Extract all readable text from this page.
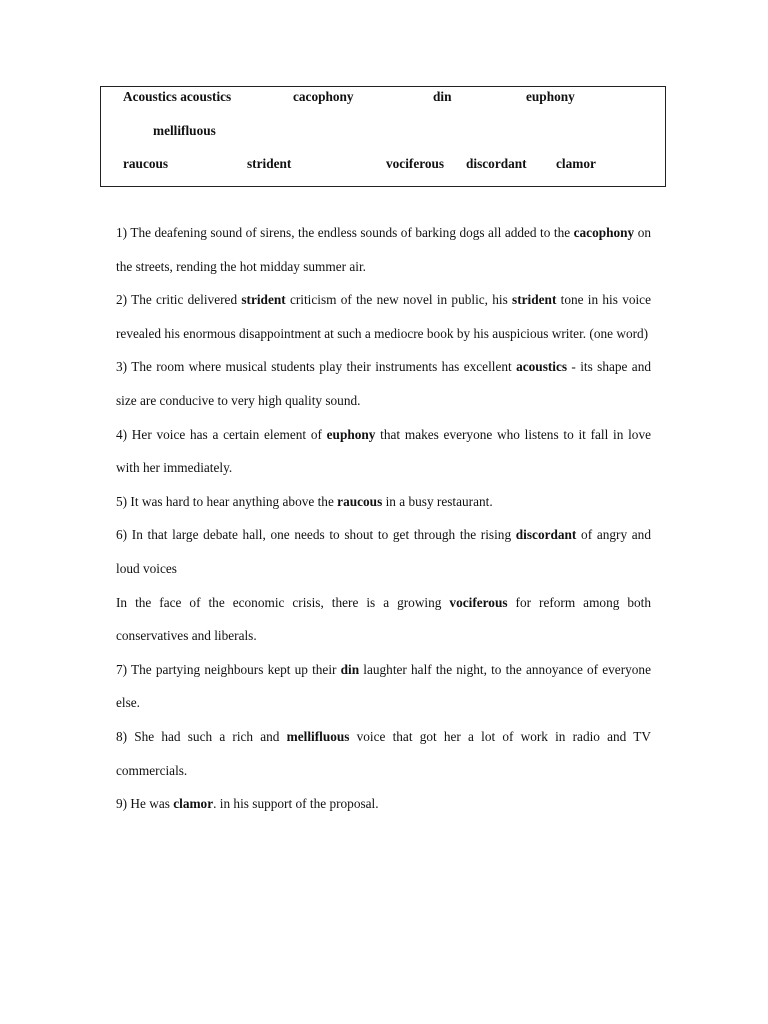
Acoustics acoustics	cacophony	din	euphony
mellifluous
raucous	strident	vociferous discordant clamor

1) The deafening sound of sirens, the endless sounds of barking dogs all added to the cacophony on the streets, rending the hot midday summer air.

2) The critic delivered strident criticism of the new novel in public, his strident tone in his voice revealed his enormous disappointment at such a mediocre book by his auspicious writer. (one word)

3) The room where musical students play their instruments has excellent acoustics - its shape and size are conducive to very high quality sound.

4) Her voice has a certain element of euphony that makes everyone who listens to it fall in love with her immediately.

5) It was hard to hear anything above the raucous in a busy restaurant.

6) In that large debate hall, one needs to shout to get through the rising discordant of angry and loud voices

In the face of the economic crisis, there is a growing vociferous for reform among both conservatives and liberals.

7) The partying neighbours kept up their din laughter half the night, to the annoyance of everyone else.

8) She had such a rich and mellifluous voice that got her a lot of work in radio and TV commercials.

9) He was clamor. in his support of the proposal.
